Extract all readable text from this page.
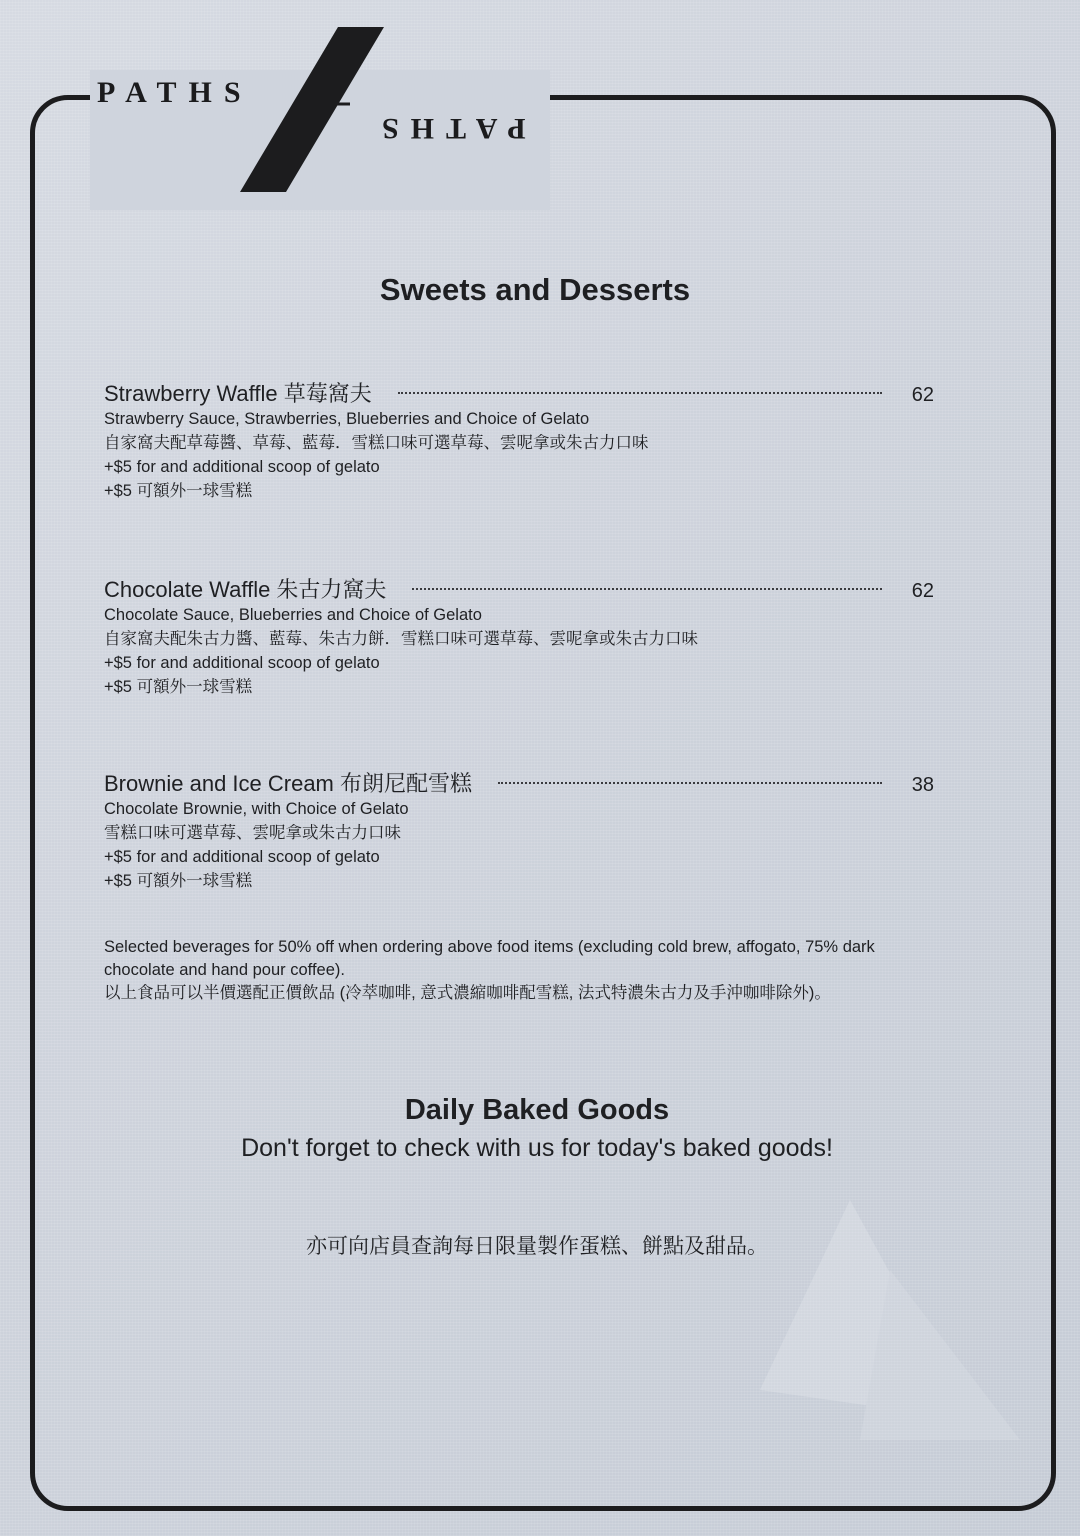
PATHS
PATHS
Sweets and Desserts
Strawberry Waffle 草莓窩夫	62
Strawberry Sauce, Strawberries, Blueberries and Choice of Gelato
自家窩夫配草莓醬、草莓、藍莓．雪糕口味可選草莓、雲呢拿或朱古力口味
+$5 for and additional scoop of gelato
+$5 可額外一球雪糕
Chocolate Waffle 朱古力窩夫	62
Chocolate Sauce, Blueberries and Choice of Gelato
自家窩夫配朱古力醬、藍莓、朱古力餅．雪糕口味可選草莓、雲呢拿或朱古力口味
+$5 for and additional scoop of gelato
+$5 可額外一球雪糕
Brownie and Ice Cream 布朗尼配雪糕	38
Chocolate Brownie, with Choice of Gelato
雪糕口味可選草莓、雲呢拿或朱古力口味
+$5 for and additional scoop of gelato
+$5 可額外一球雪糕
Selected beverages for 50% off when ordering above food items (excluding cold brew, affogato, 75% dark
chocolate and hand pour coffee).
以上食品可以半價選配正價飲品 (冷萃咖啡, 意式濃縮咖啡配雪糕, 法式特濃朱古力及手沖咖啡除外)。
Daily Baked Goods
Don't forget to check with us for today's baked goods!
亦可向店員查詢每日限量製作蛋糕、餅點及甜品。
